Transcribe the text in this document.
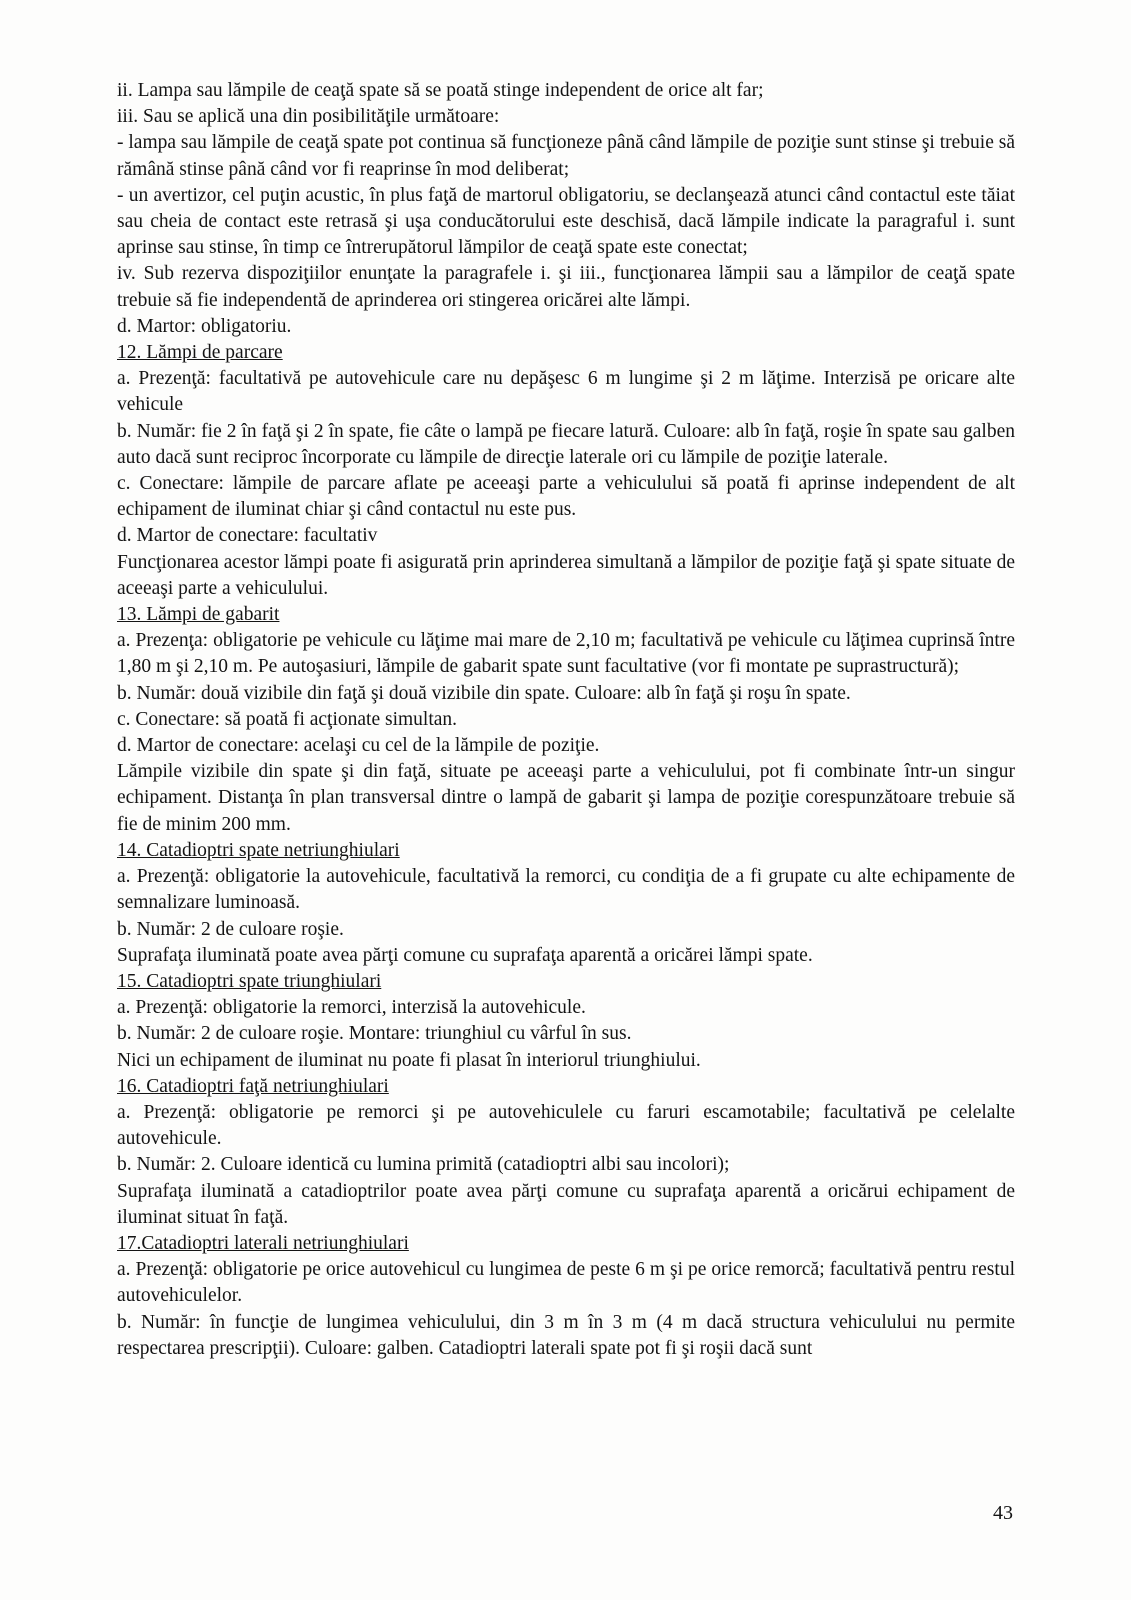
ii. Lampa sau lămpile de ceaţă spate să se poată stinge independent de orice alt far;

iii. Sau se aplică una din posibilităţile următoare:

- lampa sau lămpile de ceaţă spate pot continua să funcţioneze până când lămpile de poziţie sunt stinse şi trebuie să rămână stinse până când vor fi reaprinse în mod deliberat;

- un avertizor, cel puţin acustic, în plus faţă de martorul obligatoriu, se declanşează atunci când contactul este tăiat sau cheia de contact este retrasă şi uşa conducătorului este deschisă, dacă lămpile indicate la paragraful i. sunt aprinse sau stinse, în timp ce întrerupătorul lămpilor de ceaţă spate este conectat;

iv. Sub rezerva dispoziţiilor enunţate la paragrafele i. şi iii., funcţionarea lămpii sau a lămpilor de ceaţă spate trebuie să fie independentă de aprinderea ori stingerea oricărei alte lămpi.

d. Martor: obligatoriu.

12. Lămpi de parcare

a. Prezenţă: facultativă pe autovehicule care nu depăşesc 6 m lungime şi 2 m lăţime. Interzisă pe oricare alte vehicule

b. Număr: fie 2 în faţă şi 2 în spate, fie câte o lampă pe fiecare latură. Culoare: alb în faţă, roşie în spate sau galben auto dacă sunt reciproc încorporate cu lămpile de direcţie laterale ori cu lămpile de poziţie laterale.

c. Conectare: lămpile de parcare aflate pe aceeaşi parte a vehiculului să poată fi aprinse independent de alt echipament de iluminat chiar şi când contactul nu este pus.

d. Martor de conectare: facultativ

Funcţionarea acestor lămpi poate fi asigurată prin aprinderea simultană a lămpilor de poziţie faţă şi spate situate de aceeaşi parte a vehiculului.

13. Lămpi de gabarit

a. Prezenţa: obligatorie pe vehicule cu lăţime mai mare de 2,10 m; facultativă pe vehicule cu lăţimea cuprinsă între 1,80 m şi 2,10 m. Pe autoşasiuri, lămpile de gabarit spate sunt facultative (vor fi montate pe suprastructură);

b. Număr: două vizibile din faţă şi două vizibile din spate. Culoare: alb în faţă şi roşu în spate.

c. Conectare: să poată fi acţionate simultan.

d. Martor de conectare: acelaşi cu cel de la lămpile de poziţie.

Lămpile vizibile din spate şi din faţă, situate pe aceeaşi parte a vehiculului, pot fi combinate într-un singur echipament. Distanţa în plan transversal dintre o lampă de gabarit şi lampa de poziţie corespunzătoare trebuie să fie de minim 200 mm.

14. Catadioptri spate netriunghiulari

a. Prezenţă: obligatorie la autovehicule, facultativă la remorci, cu condiţia de a fi grupate cu alte echipamente de semnalizare luminoasă.

b. Număr: 2 de culoare roşie.

Suprafaţa iluminată poate avea părţi comune cu suprafaţa aparentă a oricărei lămpi spate.

15. Catadioptri spate triunghiulari

a. Prezenţă: obligatorie la remorci, interzisă la autovehicule.

b. Număr: 2 de culoare roşie. Montare: triunghiul cu vârful în sus.

Nici un echipament de iluminat nu poate fi plasat în interiorul triunghiului.

16. Catadioptri faţă netriunghiulari

a. Prezenţă: obligatorie pe remorci şi pe autovehiculele cu faruri escamotabile; facultativă pe celelalte autovehicule.

b. Număr: 2. Culoare identică cu lumina primită (catadioptri albi sau incolori);

Suprafaţa iluminată a catadioptrilor poate avea părţi comune cu suprafaţa aparentă a oricărui echipament de iluminat situat în faţă.

17.Catadioptri laterali netriunghiulari

a. Prezenţă: obligatorie pe orice autovehicul cu lungimea de peste 6 m şi pe orice remorcă; facultativă pentru restul autovehiculelor.

b. Număr: în funcţie de lungimea vehiculului, din 3 m în 3 m (4 m dacă structura vehiculului nu permite respectarea prescripţii). Culoare: galben. Catadioptri laterali spate pot fi şi roşii dacă sunt

43
